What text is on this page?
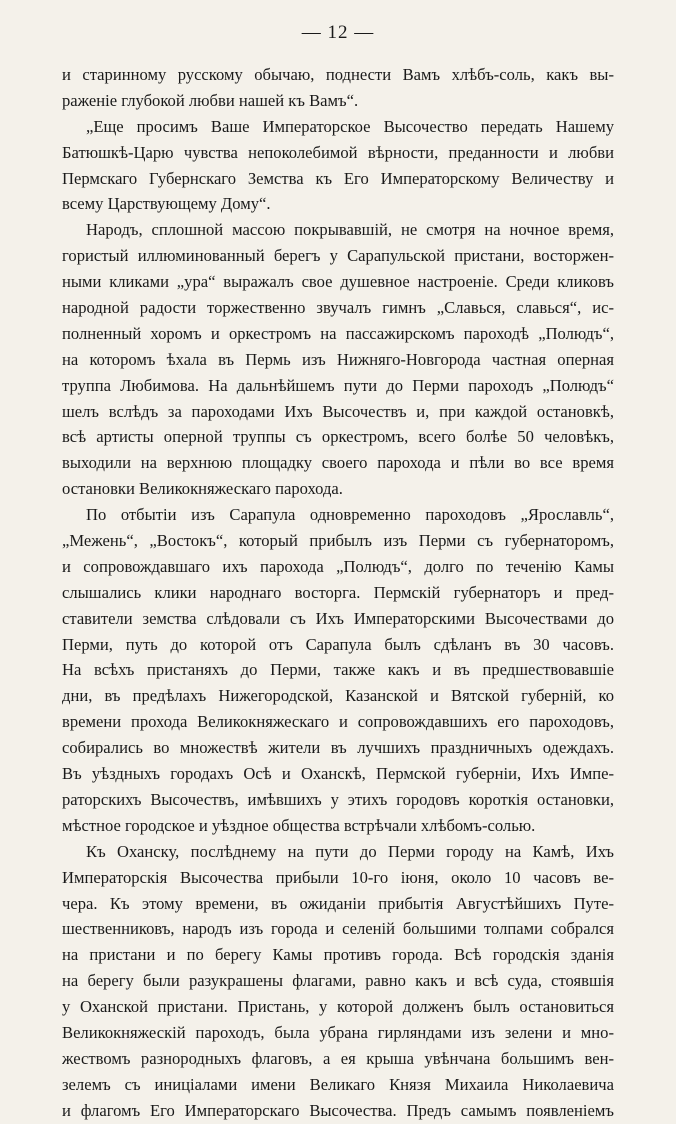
— 12 —
и старинному русскому обычаю, поднести Вамъ хлѣбъ-соль, какъ вы-
раженіе глубокой любви нашей къ Вамъ“.
„Еще просимъ Ваше Императорское Высочество передать Нашему
Батюшкѣ-Царю чувства непоколебимой вѣрности, преданности и любви
Пермскаго Губернскаго Земства къ Его Императорскому Величеству и
всему Царствующему Дому“.
Народъ, сплошной массою покрывавшій, не смотря на ночное время,
гористый иллюминованный берегъ у Сарапульской пристани, восторжен-
ными кликами „ура“ выражалъ свое душевное настроеніе. Среди кликовъ
народной радости торжественно звучалъ гимнъ „Славься, славься“, ис-
полненный хоромъ и оркестромъ на пассажирскомъ пароходѣ „Полюдъ“,
на которомъ ѣхала въ Пермь изъ Нижняго-Новгорода частная оперная
труппа Любимова. На дальнѣйшемъ пути до Перми пароходъ „Полюдъ“
шелъ вслѣдъ за пароходами Ихъ Высочествъ и, при каждой остановкѣ,
всѣ артисты оперной труппы съ оркестромъ, всего болѣе 50 человѣкъ,
выходили на верхнюю площадку своего парохода и пѣли во все время
остановки Великокняжескаго парохода.
По отбытіи изъ Сарапула одновременно пароходовъ „Ярославль“,
„Межень“, „Востокъ“, который прибылъ изъ Перми съ губернаторомъ,
и сопровождавшаго ихъ парохода „Полюдъ“, долго по теченію Камы
слышались клики народнаго восторга. Пермскій губернаторъ и пред-
ставители земства слѣдовали съ Ихъ Императорскими Высочествами до
Перми, путь до которой отъ Сарапула былъ сдѣланъ въ 30 часовъ.
На всѣхъ пристаняхъ до Перми, также какъ и въ предшествовавшіе
дни, въ предѣлахъ Нижегородской, Казанской и Вятской губерній, ко
времени прохода Великокняжескаго и сопровождавшихъ его пароходовъ,
собирались во множествѣ жители въ лучшихъ праздничныхъ одеждахъ.
Въ уѣздныхъ городахъ Осѣ и Оханскѣ, Пермской губерніи, Ихъ Импе-
раторскихъ Высочествъ, имѣвшихъ у этихъ городовъ короткія остановки,
мѣстное городское и уѣздное общества встрѣчали хлѣбомъ-солью.
Къ Оханску, послѣднему на пути до Перми городу на Камѣ, Ихъ
Императорскія Высочества прибыли 10-го іюня, около 10 часовъ ве-
чера. Къ этому времени, въ ожиданіи прибытія Августѣйшихъ Путе-
шественниковъ, народъ изъ города и селеній большими толпами собрался
на пристани и по берегу Камы противъ города. Всѣ городскія зданія
на берегу были разукрашены флагами, равно какъ и всѣ суда, стоявшія
у Оханской пристани. Пристань, у которой долженъ былъ остановиться
Великокняжескій пароходъ, была убрана гирляндами изъ зелени и мно-
жествомъ разнородныхъ флаговъ, а ея крыша увѣнчана большимъ вен-
зелемъ съ иниціалами имени Великаго Князя Михаила Николаевича
и флагомъ Его Императорскаго Высочества. Предъ самымъ появленіемъ
